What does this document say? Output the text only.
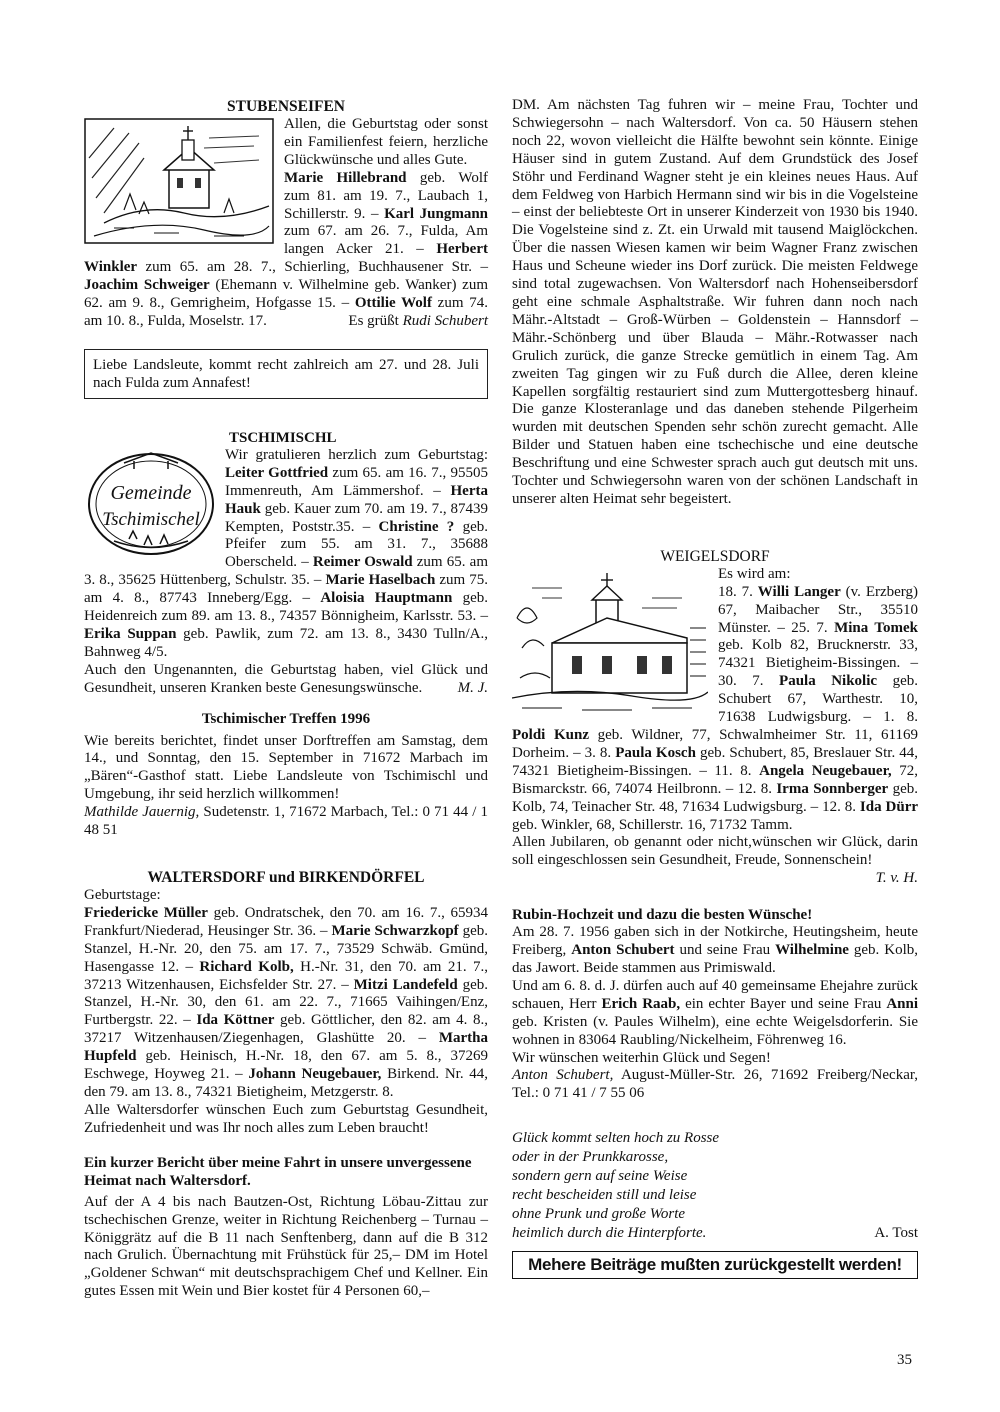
STUBENSEIFEN

Allen, die Geburtstag oder sonst ein Familienfest feiern, herzliche Glückwünsche und alles Gute.
Marie Hillebrand geb. Wolf zum 81. am 19. 7., Laubach 1, Schillerstr. 9. – Karl Jungmann zum 67. am 26. 7., Fulda, Am langen Acker 21. – Herbert Winkler zum 65. am 28. 7., Schierling, Buchhausener Str. – Joachim Schweiger (Ehemann v. Wilhelmine geb. Wanker) zum 62. am 9. 8., Gemrigheim, Hofgasse 15. – Ottilie Wolf zum 74. am 10. 8., Fulda, Moselstr. 17.	Es grüßt Rudi Schubert

Liebe Landsleute, kommt recht zahlreich am 27. und 28. Juli nach Fulda zum Annafest!

TSCHIMISCHL

Gemeinde
Tschimischel

Wir gratulieren herzlich zum Geburtstag: Leiter Gottfried zum 65. am 16. 7., 95505 Immenreuth, Am Lämmershof. – Herta Hauk geb. Kauer zum 70. am 19. 7., 87439 Kempten, Poststr.35. – Christine ? geb. Pfeifer zum 55. am 31. 7., 35688 Oberscheld. – Reimer Oswald zum 65. am 3. 8., 35625 Hüttenberg, Schulstr. 35. – Marie Haselbach zum 75. am 4. 8., 87743 Inneberg/Egg. – Aloisia Hauptmann geb. Heidenreich zum 89. am 13. 8., 74357 Bönnigheim, Karlsstr. 53. – Erika Suppan geb. Pawlik, zum 72. am 13. 8., 3430 Tulln/A., Bahnweg 4/5.

Auch den Ungenannten, die Geburtstag haben, viel Glück und Gesundheit, unseren Kranken beste Genesungswünsche. M. J.

Tschimischer Treffen 1996

Wie bereits berichtet, findet unser Dorftreffen am Samstag, dem 14., und Sonntag, den 15. September in 71672 Marbach im „Bären“-Gasthof statt. Liebe Landsleute von Tschimischl und Umgebung, ihr seid herzlich willkommen!

Mathilde Jauernig, Sudetenstr. 1, 71672 Marbach, Tel.: 0 71 44 / 1 48 51

WALTERSDORF und BIRKENDÖRFEL

Geburtstage:

Friedericke Müller geb. Ondratschek, den 70. am 16. 7., 65934 Frankfurt/Niederad, Heusinger Str. 36. – Marie Schwarzkopf geb. Stanzel, H.-Nr. 20, den 75. am 17. 7., 73529 Schwäb. Gmünd, Hasengasse 12. – Richard Kolb, H.-Nr. 31, den 70. am 21. 7., 37213 Witzenhausen, Eichsfelder Str. 27. – Mitzi Landefeld geb. Stanzel, H.-Nr. 30, den 61. am 22. 7., 71665 Vaihingen/Enz, Furtbergstr. 22. – Ida Köttner geb. Göttlicher, den 82. am 4. 8., 37217 Witzenhausen/Ziegenhagen, Glashütte 20. – Martha Hupfeld geb. Heinisch, H.-Nr. 18, den 67. am 5. 8., 37269 Eschwege, Hoyweg 21. – Johann Neugebauer, Birkend. Nr. 44, den 79. am 13. 8., 74321 Bietigheim, Metzgerstr. 8.

Alle Waltersdorfer wünschen Euch zum Geburtstag Gesundheit, Zufriedenheit und was Ihr noch alles zum Leben braucht!

Ein kurzer Bericht über meine Fahrt in unsere unvergessene Heimat nach Waltersdorf.

Auf der A 4 bis nach Bautzen-Ost, Richtung Löbau-Zittau zur tschechischen Grenze, weiter in Richtung Reichenberg – Turnau – Königgrätz auf die B 11 nach Senftenberg, dann auf die B 312 nach Grulich. Übernachtung mit Frühstück für 25,– DM im Hotel „Goldener Schwan“ mit deutschsprachigem Chef und Kellner. Ein gutes Essen mit Wein und Bier kostet für 4 Personen 60,–

DM. Am nächsten Tag fuhren wir – meine Frau, Tochter und Schwiegersohn – nach Waltersdorf. Von ca. 50 Häusern stehen noch 22, wovon vielleicht die Hälfte bewohnt sein könnte. Einige Häuser sind in gutem Zustand. Auf dem Grundstück des Josef Stöhr und Ferdinand Wagner steht je ein kleines neues Haus. Auf dem Feldweg von Harbich Hermann sind wir bis in die Vogelsteine – einst der beliebteste Ort in unserer Kinderzeit von 1930 bis 1940. Die Vogelsteine sind z. Zt. ein Urwald mit tausend Maiglöckchen. Über die nassen Wiesen kamen wir beim Wagner Franz zwischen Haus und Scheune wieder ins Dorf zurück. Die meisten Feldwege sind total zugewachsen. Von Waltersdorf nach Hohenseibersdorf geht eine schmale Asphaltstraße. Wir fuhren dann noch nach Mähr.-Altstadt – Groß-Würben – Goldenstein – Hannsdorf – Mähr.-Schönberg und über Blauda – Mähr.-Rotwasser nach Grulich zurück, die ganze Strecke gemütlich in einem Tag. Am zweiten Tag gingen wir zu Fuß durch die Allee, deren kleine Kapellen sorgfältig restauriert sind zum Muttergottesberg hinauf. Die ganze Klosteranlage und das daneben stehende Pilgerheim wurden mit deutschen Spenden sehr schön zurecht gemacht. Alle Bilder und Statuen haben eine tschechische und eine deutsche Beschriftung und eine Schwester sprach auch gut deutsch mit uns. Tochter und Schwiegersohn waren von der schönen Landschaft in unserer alten Heimat sehr begeistert.

WEIGELSDORF

Es wird am:
18. 7. Willi Langer (v. Erzberg) 67, Maibacher Str., 35510 Münster. – 25. 7. Mina Tomek geb. Kolb 82, Brucknerstr. 33, 74321 Bietigheim-Bissingen. – 30. 7. Paula Nikolic geb. Schubert 67, Warthestr. 10, 71638 Ludwigsburg. – 1. 8. Poldi Kunz geb. Wildner, 77, Schwalmheimer Str. 11, 61169 Dorheim. – 3. 8. Paula Kosch geb. Schubert, 85, Breslauer Str. 44, 74321 Bietigheim-Bissingen. – 11. 8. Angela Neugebauer, 72, Bismarckstr. 66, 74074 Heilbronn. – 12. 8. Irma Sonnberger geb. Kolb, 74, Teinacher Str. 48, 71634 Ludwigsburg. – 12. 8. Ida Dürr geb. Winkler, 68, Schillerstr. 16, 71732 Tamm.

Allen Jubilaren, ob genannt oder nicht,wünschen wir Glück, darin soll eingeschlossen sein Gesundheit, Freude, Sonnenschein!

T. v. H.

Rubin-Hochzeit und dazu die besten Wünsche!

Am 28. 7. 1956 gaben sich in der Notkirche, Heutingsheim, heute Freiberg, Anton Schubert und seine Frau Wilhelmine geb. Kolb, das Jawort. Beide stammen aus Primiswald.

Und am 6. 8. d. J. dürfen auch auf 40 gemeinsame Ehejahre zurück schauen, Herr Erich Raab, ein echter Bayer und seine Frau Anni geb. Kristen (v. Paules Wilhelm), eine echte Weigelsdorferin. Sie wohnen in 83064 Raubling/Nickelheim, Föhrenweg 16.

Wir wünschen weiterhin Glück und Segen!

Anton Schubert, August-Müller-Str. 26, 71692 Freiberg/Neckar, Tel.: 0 71 41 / 7 55 06

Glück kommt selten hoch zu Rosse

oder in der Prunkkarosse,

sondern gern auf seine Weise

recht bescheiden still und leise

ohne Prunk und große Worte

heimlich durch die Hinterpforte.	A. Tost

Mehere Beiträge mußten zurückgestellt werden!
35
